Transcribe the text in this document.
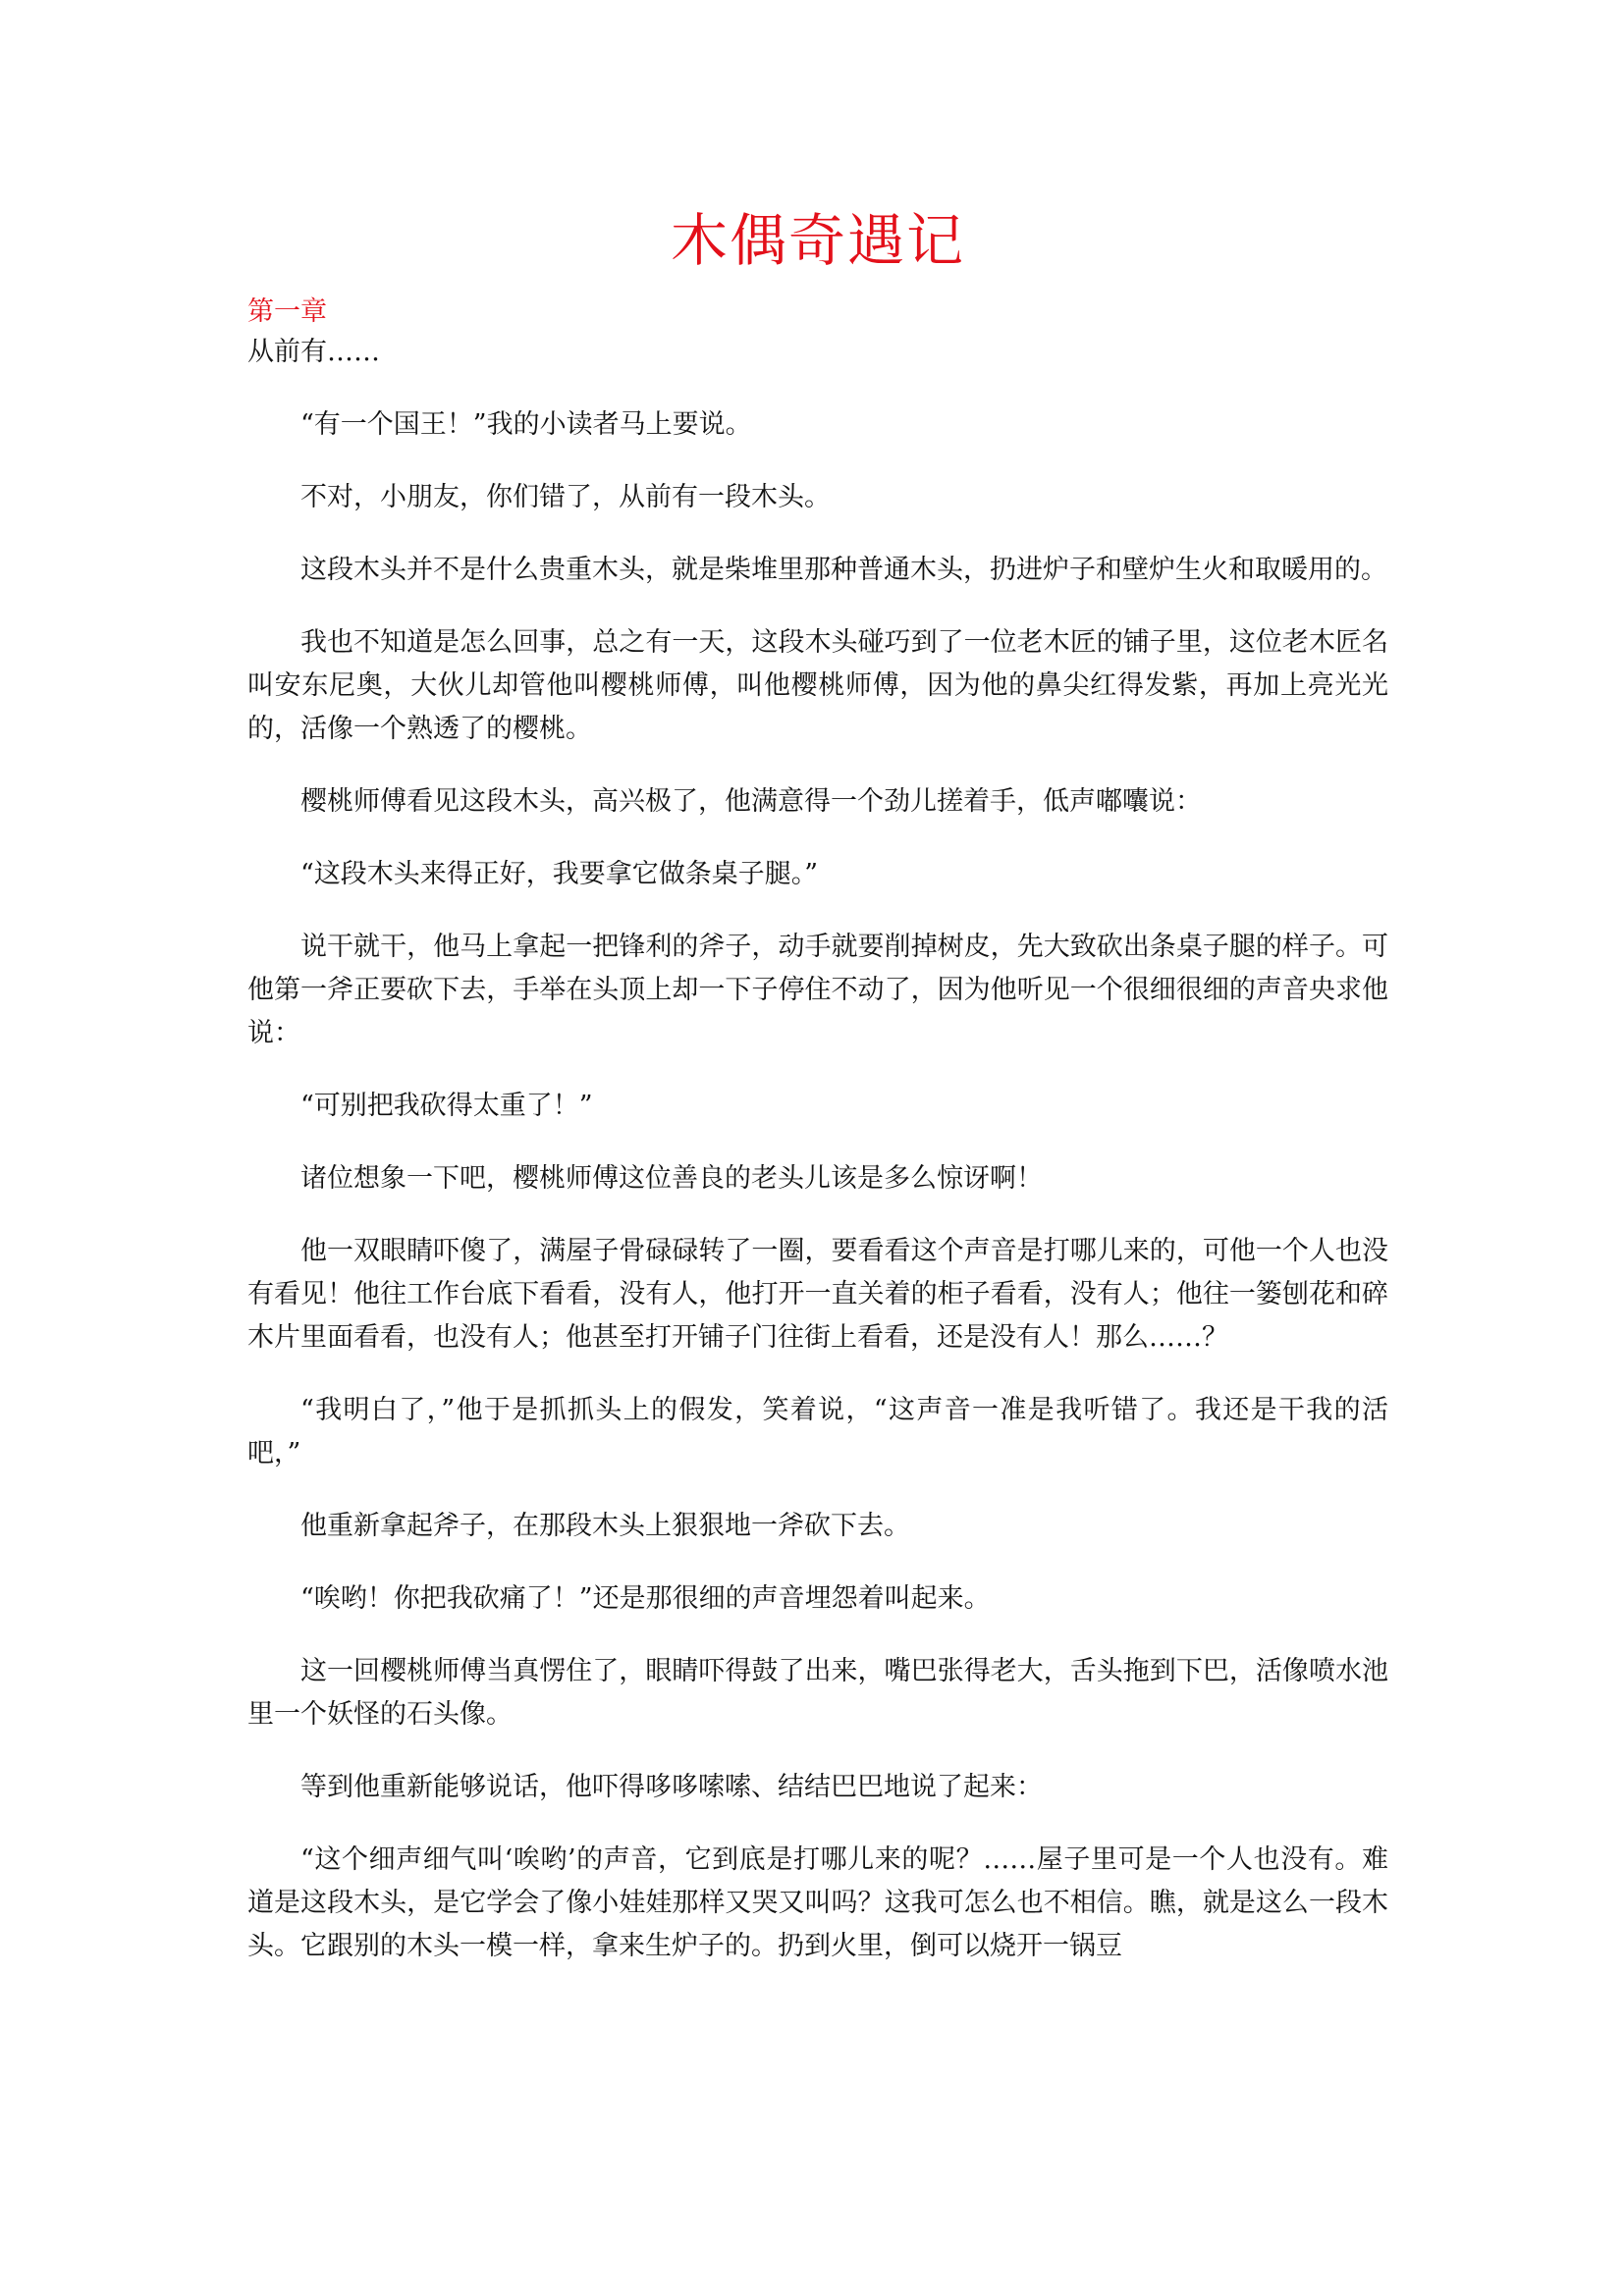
木偶奇遇记

第一章

从前有……

“有一个国王！”我的小读者马上要说。

不对，小朋友，你们错了，从前有一段木头。

这段木头并不是什么贵重木头，就是柴堆里那种普通木头，扔进炉子和壁炉生火和取暖用的。

我也不知道是怎么回事，总之有一天，这段木头碰巧到了一位老木匠的铺子里，这位老木匠名叫安东尼奥，大伙儿却管他叫樱桃师傅，叫他樱桃师傅，因为他的鼻尖红得发紫，再加上亮光光的，活像一个熟透了的樱桃。

樱桃师傅看见这段木头，高兴极了，他满意得一个劲儿搓着手，低声嘟囔说：

“这段木头来得正好，我要拿它做条桌子腿。”

说干就干，他马上拿起一把锋利的斧子，动手就要削掉树皮，先大致砍出条桌子腿的样子。可他第一斧正要砍下去，手举在头顶上却一下子停住不动了，因为他听见一个很细很细的声音央求他说：

“可别把我砍得太重了！”

诸位想象一下吧，樱桃师傅这位善良的老头儿该是多么惊讶啊！

他一双眼睛吓傻了，满屋子骨碌碌转了一圈，要看看这个声音是打哪儿来的，可他一个人也没有看见！他往工作台底下看看，没有人，他打开一直关着的柜子看看，没有人；他往一篓刨花和碎木片里面看看，也没有人；他甚至打开铺子门往街上看看，还是没有人！那么……？

“我明白了，”他于是抓抓头上的假发，笑着说，“这声音一准是我听错了。我还是干我的活吧，”

他重新拿起斧子，在那段木头上狠狠地一斧砍下去。

“唉哟！你把我砍痛了！”还是那很细的声音埋怨着叫起来。

这一回樱桃师傅当真愣住了，眼睛吓得鼓了出来，嘴巴张得老大，舌头拖到下巴，活像喷水池里一个妖怪的石头像。

等到他重新能够说话，他吓得哆哆嗦嗦、结结巴巴地说了起来：

“这个细声细气叫‘唉哟’的声音，它到底是打哪儿来的呢？……屋子里可是一个人也没有。难道是这段木头，是它学会了像小娃娃那样又哭又叫吗？这我可怎么也不相信。瞧，就是这么一段木头。它跟别的木头一模一样，拿来生炉子的。扔到火里，倒可以烧开一锅豆
